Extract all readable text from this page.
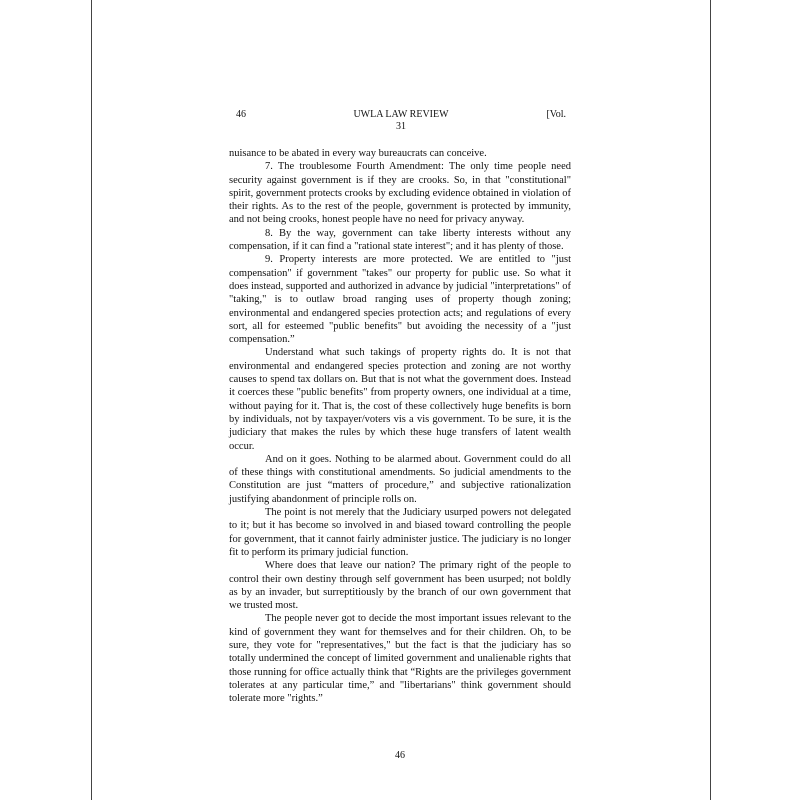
46	UWLA LAW REVIEW	[Vol.
31

nuisance to be abated in every way bureaucrats can conceive.

7. The troublesome Fourth Amendment: The only time people need security against government is if they are crooks. So, in that "constitutional" spirit, government protects crooks by excluding evidence obtained in violation of their rights. As to the rest of the people, government is protected by immunity, and not being crooks, honest people have no need for privacy anyway.

8. By the way, government can take liberty interests without any compensation, if it can find a "rational state interest"; and it has plenty of those.

9. Property interests are more protected. We are entitled to "just compensation" if government "takes" our property for public use. So what it does instead, supported and authorized in advance by judicial "interpretations" of "taking," is to outlaw broad ranging uses of property though zoning; environmental and endangered species protection acts; and regulations of every sort, all for esteemed "public benefits" but avoiding the necessity of a "just compensation.”

Understand what such takings of property rights do. It is not that environmental and endangered species protection and zoning are not worthy causes to spend tax dollars on. But that is not what the government does. Instead it coerces these "public benefits" from property owners, one individual at a time, without paying for it. That is, the cost of these collectively huge benefits is born by individuals, not by taxpayer/voters vis a vis government. To be sure, it is the judiciary that makes the rules by which these huge transfers of latent wealth occur.

And on it goes. Nothing to be alarmed about. Government could do all of these things with constitutional amendments. So judicial amendments to the Constitution are just “matters of procedure,” and subjective rationalization justifying abandonment of principle rolls on.

The point is not merely that the Judiciary usurped powers not delegated to it; but it has become so involved in and biased toward controlling the people for government, that it cannot fairly administer justice. The judiciary is no longer fit to perform its primary judicial function.

Where does that leave our nation? The primary right of the people to control their own destiny through self government has been usurped; not boldly as by an invader, but surreptitiously by the branch of our own government that we trusted most.

The people never got to decide the most important issues relevant to the kind of government they want for themselves and for their children. Oh, to be sure, they vote for "representatives," but the fact is that the judiciary has so totally undermined the concept of limited government and unalienable rights that those running for office actually think that “Rights are the privileges government tolerates at any particular time,” and "libertarians" think government should tolerate more "rights.”

46
